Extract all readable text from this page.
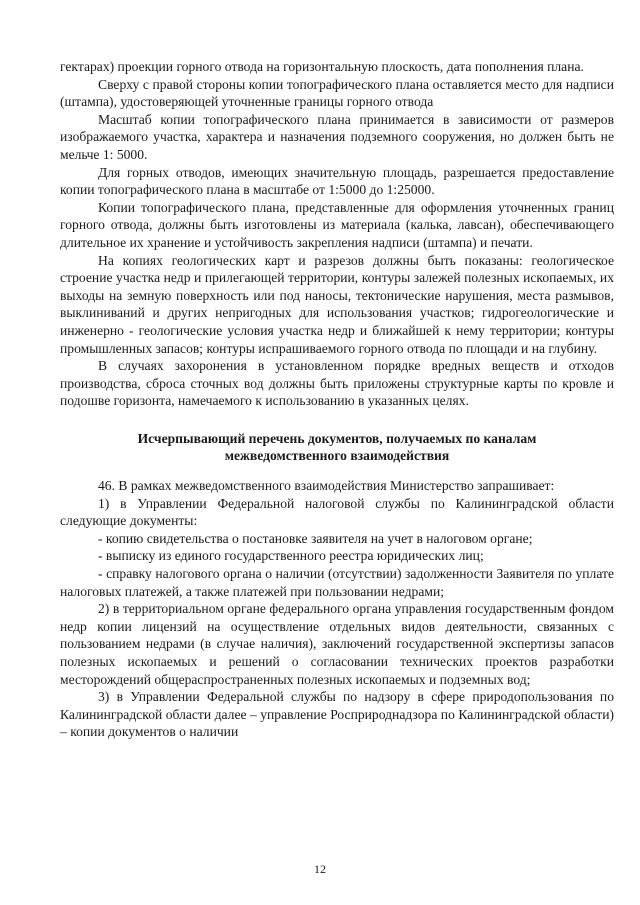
гектарах) проекции горного отвода на горизонтальную плоскость, дата пополнения плана.

Сверху с правой стороны копии топографического плана оставляется место для надписи (штампа), удостоверяющей уточненные границы горного отвода

Масштаб копии топографического плана принимается в зависимости от размеров изображаемого участка, характера и назначения подземного сооружения, но должен быть не мельче 1: 5000.

Для горных отводов, имеющих значительную площадь, разрешается предоставление копии топографического плана в масштабе от 1:5000 до 1:25000.

Копии топографического плана, представленные для оформления уточненных границ горного отвода, должны быть изготовлены из материала (калька, лавсан), обеспечивающего длительное их хранение и устойчивость закрепления надписи (штампа) и печати.

На копиях геологических карт и разрезов должны быть показаны: геологическое строение участка недр и прилегающей территории, контуры залежей полезных ископаемых, их выходы на земную поверхность или под наносы, тектонические нарушения, места размывов, выклиниваний и других непригодных для использования участков; гидрогеологические и инженерно - геологические условия участка недр и ближайшей к нему территории; контуры промышленных запасов; контуры испрашиваемого горного отвода по площади и на глубину.

В случаях захоронения в установленном порядке вредных веществ и отходов производства, сброса сточных вод должны быть приложены структурные карты по кровле и подошве горизонта, намечаемого к использованию в указанных целях.

Исчерпывающий перечень документов, получаемых по каналам
межведомственного взаимодействия

46. В рамках межведомственного взаимодействия Министерство запрашивает:

1) в Управлении Федеральной налоговой службы по Калининградской области следующие документы:

- копию свидетельства о постановке заявителя на учет в налоговом органе;

- выписку из единого государственного реестра юридических лиц;

- справку налогового органа о наличии (отсутствии) задолженности Заявителя по уплате налоговых платежей, а также платежей при пользовании недрами;

2) в территориальном органе федерального органа управления государственным фондом недр копии лицензий на осуществление отдельных видов деятельности, связанных с пользованием недрами (в случае наличия), заключений государственной экспертизы запасов полезных ископаемых и решений о согласовании технических проектов разработки месторождений общераспространенных полезных ископаемых и подземных вод;

3) в Управлении Федеральной службы по надзору в сфере природопользования по Калининградской области далее – управление Росприроднадзора по Калининградской области) – копии документов о наличии

12
